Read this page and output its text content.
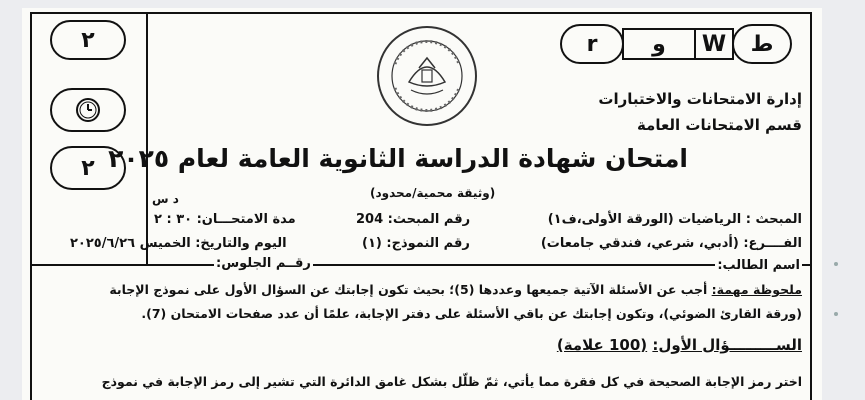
٢
٢
ط
W
و
r
إدارة الامتحانات والاختبارات
قسم الامتحانات العامة
امتحان شهادة الدراسة الثانوية العامة لعام ٢٠٢٥
(وثيقة محمية/محدود)
د س
المبحث : الرياضيات (الورقة الأولى،ف١)
رقم المبحث: 204
مدة الامتحـــان: ٣٠ : ٢
الفــــرع: (أدبي، شرعي، فندقي جامعات)
رقم النموذج: (١)
اليوم والتاريخ: الخميس ٢٠٢٥/٦/٢٦
اسم الطالب:
رقــم الجلوس:
ملحوظة مهمة: أجب عن الأسئلة الآتية جميعها وعددها (5)؛ بحيث تكون إجابتك عن السؤال الأول على نموذج الإجابة
(ورقة القارئ الضوئي)، وتكون إجابتك عن باقي الأسئلة على دفتر الإجابة، علمًا أن عدد صفحات الامتحان (7).
الســـــــــؤال الأول: (100 علامة)
اختر رمز الإجابة الصحيحة في كل فقرة مما يأتي، ثمّ ظلّل بشكل غامق الدائرة التي تشير إلى رمز الإجابة في نموذج
